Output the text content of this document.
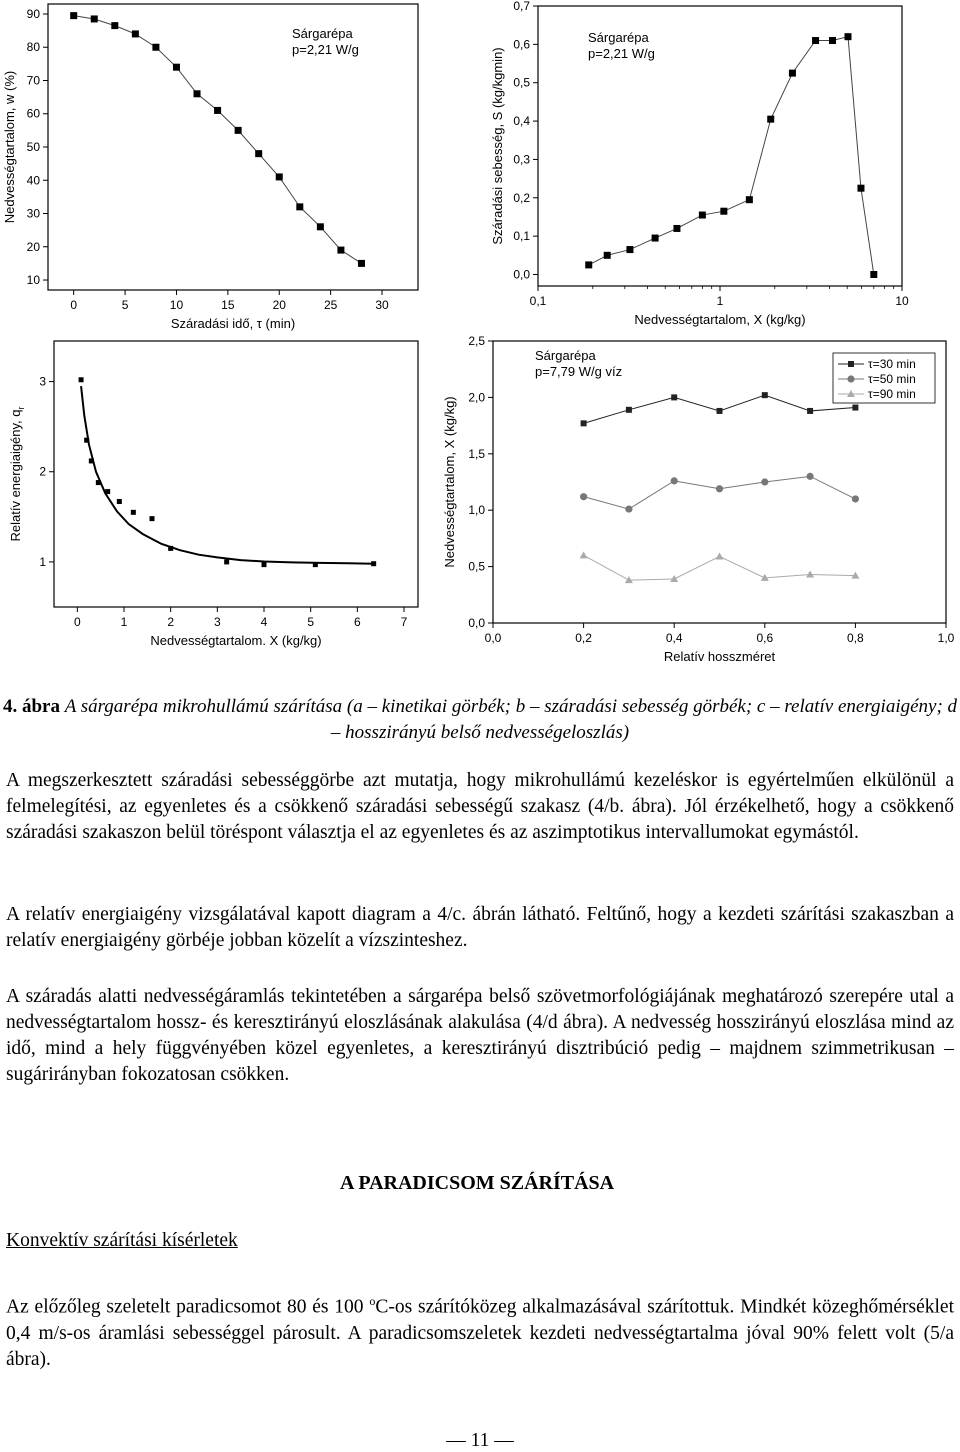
0	5	10	15	20	25	30
10
20
30
40
50
60
70
80
90
Száradási idő, τ (min)
Nedvességtartalom, w (%)
Sárgarépa
p=2,21 W/g
0,1	1	10
0,0
0,1
0,2
0,3
0,4
0,5
0,6
0,7
Nedvességtartalom, X (kg/kg)
Száradási sebesség, S (kg/kgmin)
Sárgarépa
p=2,21 W/g
0	1	2	3	4	5	6	7
1
2
3
Nedvességtartalom. X (kg/kg)
Relatív energiaigény, $q_r$
0,0	0,2	0,4	0,6	0,8	1,0
0,0
0,5
1,0
1,5
2,0
2,5
Relatív hosszméret
Nedvességtartalom, X (kg/kg)
Sárgarépa
p=7,79 W/g víz	τ=30 min
τ=50 min
τ=90 min
4. ábra A sárgarépa mikrohullámú szárítása (a – kinetikai görbék; b – száradási sebesség görbék; c – relatív energiaigény; d – hosszirányú belső nedvességeloszlás)
A megszerkesztett száradási sebességgörbe azt mutatja, hogy mikrohullámú kezeléskor is egyértelműen elkülönül a felmelegítési, az egyenletes és a csökkenő száradási sebességű szakasz (4/b. ábra). Jól érzékelhető, hogy a csökkenő száradási szakaszon belül töréspont választja el az egyenletes és az aszimptotikus intervallumokat egymástól.
A relatív energiaigény vizsgálatával kapott diagram a 4/c. ábrán látható. Feltűnő, hogy a kezdeti szárítási szakaszban a relatív energiaigény görbéje jobban közelít a vízszinteshez.
A száradás alatti nedvességáramlás tekintetében a sárgarépa belső szövetmorfológiájának meghatározó szerepére utal a nedvességtartalom hossz- és keresztirányú eloszlásának alakulása (4/d ábra). A nedvesség hosszirányú eloszlása mind az idő, mind a hely függvényében közel egyenletes, a keresztirányú disztribúció pedig – majdnem szimmetrikusan – sugárirányban fokozatosan csökken.
A PARADICSOM SZÁRÍTÁSA
Konvektív szárítási kísérletek
Az előzőleg szeletelt paradicsomot 80 és 100 $^o$C-os szárítóközeg alkalmazásával szárítottuk. Mindkét közeghőmérséklet 0,4 m/s-os áramlási sebességgel párosult. A paradicsomszeletek kezdeti nedvességtartalma jóval 90% felett volt (5/a ábra).
— 11 —
